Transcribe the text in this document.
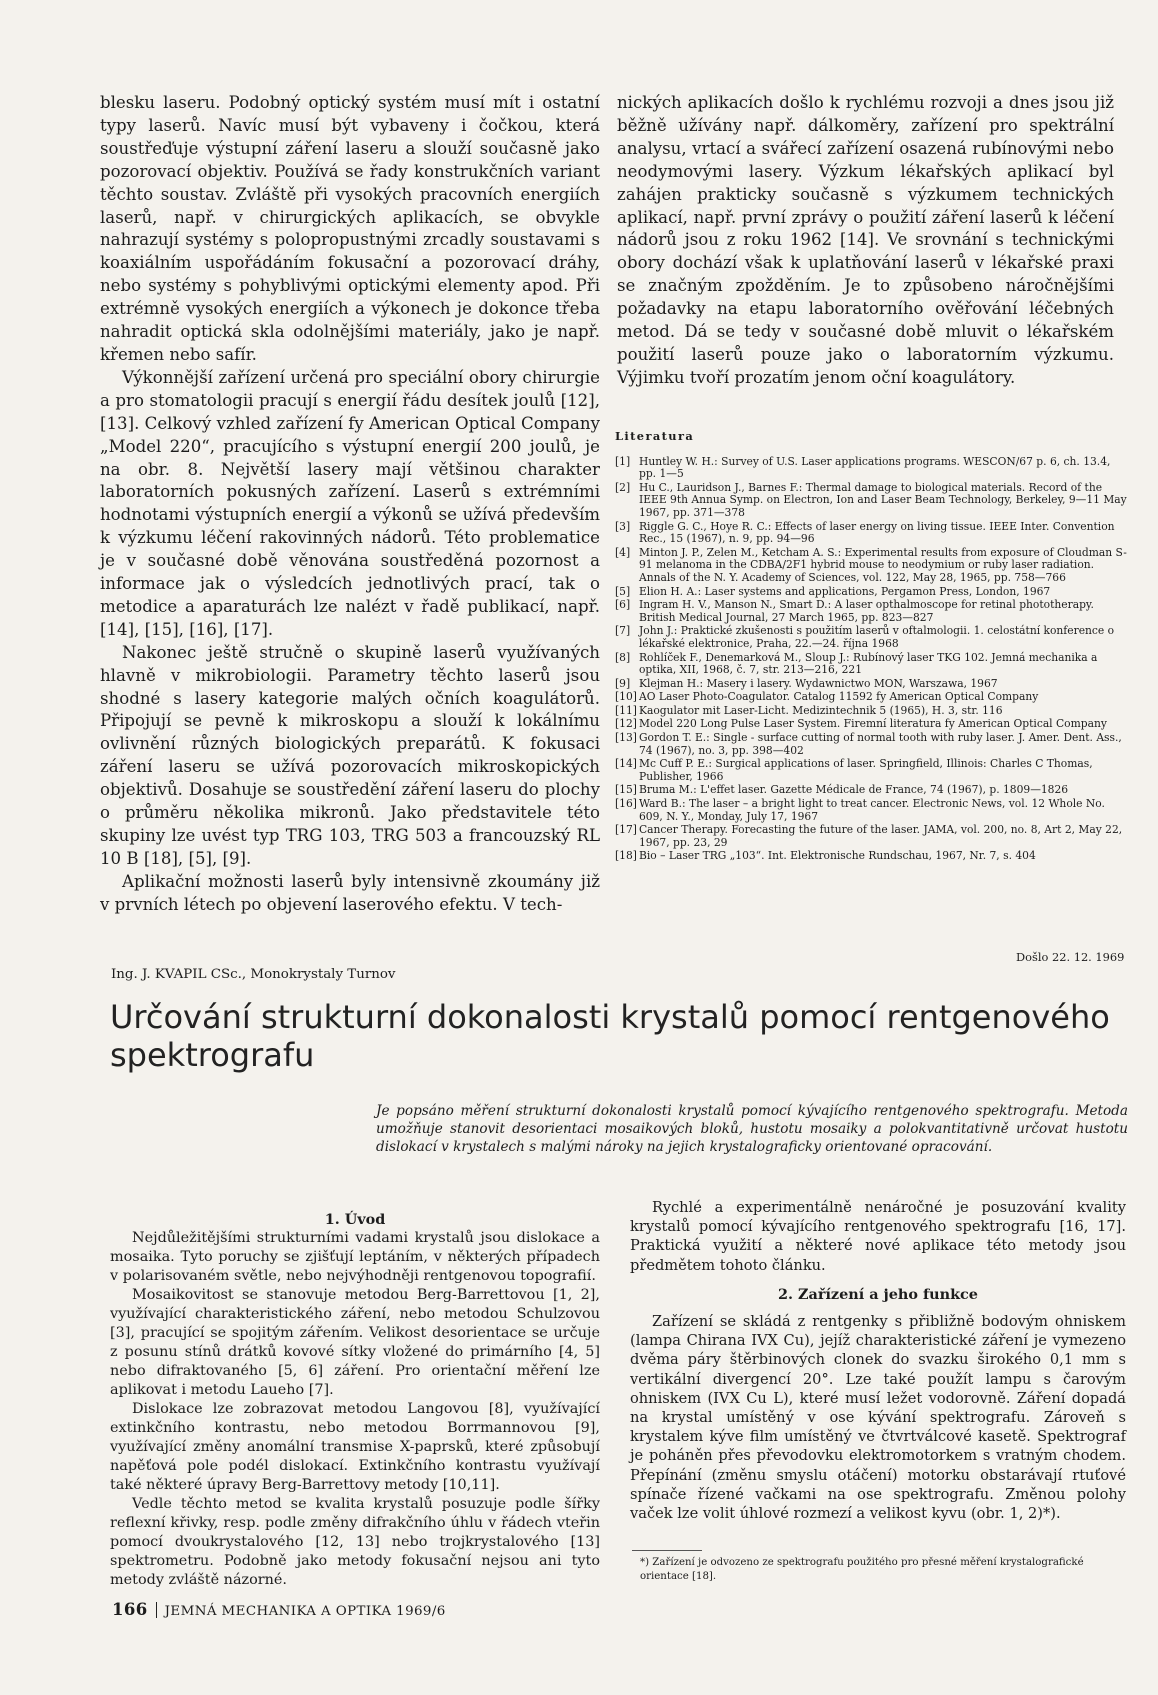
blesku laseru. Podobný optický systém musí mít i ostatní typy laserů. Navíc musí být vybaveny i čočkou, která soustřeďuje výstupní záření laseru a slouží současně jako pozorovací objektiv. Používá se řady konstrukčních variant těchto soustav. Zvláště při vysokých pracovních energiích laserů, např. v chirurgických aplikacích, se obvykle nahrazují systémy s polopropustnými zrcadly soustavami s koaxiálním uspořádáním fokusační a pozorovací dráhy, nebo systémy s pohyblivými optickými elementy apod. Při extrémně vysokých energiích a výkonech je dokonce třeba nahradit optická skla odolnějšími materiály, jako je např. křemen nebo safír.

Výkonnější zařízení určená pro speciální obory chirurgie a pro stomatologii pracují s energií řádu desítek joulů [12], [13]. Celkový vzhled zařízení fy American Optical Company „Model 220“, pracujícího s výstupní energií 200 joulů, je na obr. 8. Největší lasery mají většinou charakter laboratorních pokusných zařízení. Laserů s extrémními hodnotami výstupních energií a výkonů se užívá především k výzkumu léčení rakovinných nádorů. Této problematice je v současné době věnována soustředěná pozornost a informace jak o výsledcích jednotlivých prací, tak o metodice a aparaturách lze nalézt v řadě publikací, např. [14], [15], [16], [17].

Nakonec ještě stručně o skupině laserů využívaných hlavně v mikrobiologii. Parametry těchto laserů jsou shodné s lasery kategorie malých očních koagulátorů. Připojují se pevně k mikroskopu a slouží k lokálnímu ovlivnění různých biologických preparátů. K fokusaci záření laseru se užívá pozorovacích mikroskopických objektivů. Dosahuje se soustředění záření laseru do plochy o průměru několika mikronů. Jako představitele této skupiny lze uvést typ TRG 103, TRG 503 a francouzský RL 10 B [18], [5], [9].

Aplikační možnosti laserů byly intensivně zkoumány již v prvních létech po objevení laserového efektu. V tech-

nických aplikacích došlo k rychlému rozvoji a dnes jsou již běžně užívány např. dálkoměry, zařízení pro spektrální analysu, vrtací a svářecí zařízení osazená rubínovými nebo neodymovými lasery. Výzkum lékařských aplikací byl zahájen prakticky současně s výzkumem technických aplikací, např. první zprávy o použití záření laserů k léčení nádorů jsou z roku 1962 [14]. Ve srovnání s technickými obory dochází však k uplatňování laserů v lékařské praxi se značným zpožděním. Je to způsobeno náročnějšími požadavky na etapu laboratorního ověřování léčebných metod. Dá se tedy v současné době mluvit o lékařském použití laserů pouze jako o laboratorním výzkumu. Výjimku tvoří prozatím jenom oční koagulátory.

Literatura
[1] Huntley W. H.: Survey of U.S. Laser applications programs. WESCON/67 p. 6, ch. 13.4, pp. 1—5
[2] Hu C., Lauridson J., Barnes F.: Thermal damage to biological materials. Record of the IEEE 9th Annua Symp. on Electron, Ion and Laser Beam Technology, Berkeley, 9—11 May 1967, pp. 371—378
[3] Riggle G. C., Hoye R. C.: Effects of laser energy on living tissue. IEEE Inter. Convention Rec., 15 (1967), n. 9, pp. 94—96
[4] Minton J. P., Zelen M., Ketcham A. S.: Experimental results from exposure of Cloudman S-91 melanoma in the CDBA/2F1 hybrid mouse to neodymium or ruby laser radiation. Annals of the N. Y. Academy of Sciences, vol. 122, May 28, 1965, pp. 758—766
[5] Elion H. A.: Laser systems and applications, Pergamon Press, London, 1967
[6] Ingram H. V., Manson N., Smart D.: A laser opthalmoscope for retinal phototherapy. British Medical Journal, 27 March 1965, pp. 823—827
[7] John J.: Praktické zkušenosti s použitím laserů v oftalmologii. 1. celostátní konference o lékařské elektronice, Praha, 22.—24. října 1968
[8] Rohlíček F., Denemarková M., Sloup J.: Rubínový laser TKG 102. Jemná mechanika a optika, XII, 1968, č. 7, str. 213—216, 221
[9] Klejman H.: Masery i lasery. Wydawnictwo MON, Warszawa, 1967
[10] AO Laser Photo-Coagulator. Catalog 11592 fy American Optical Company
[11] Kaogulator mit Laser-Licht. Medizintechnik 5 (1965), H. 3, str. 116
[12] Model 220 Long Pulse Laser System. Firemní literatura fy American Optical Company
[13] Gordon T. E.: Single - surface cutting of normal tooth with ruby laser. J. Amer. Dent. Ass., 74 (1967), no. 3, pp. 398—402
[14] Mc Cuff P. E.: Surgical applications of laser. Springfield, Illinois: Charles C Thomas, Publisher, 1966
[15] Bruma M.: L'effet laser. Gazette Médicale de France, 74 (1967), p. 1809—1826
[16] Ward B.: The laser – a bright light to treat cancer. Electronic News, vol. 12 Whole No. 609, N. Y., Monday, July 17, 1967
[17] Cancer Therapy. Forecasting the future of the laser. JAMA, vol. 200, no. 8, Art 2, May 22, 1967, pp. 23, 29
[18] Bio – Laser TRG „103“. Int. Elektronische Rundschau, 1967, Nr. 7, s. 404
Ing. J. KVAPIL CSc., Monokrystaly Turnov
Došlo 22. 12. 1969
Určování strukturní dokonalosti krystalů pomocí rentgenového spektrografu

Je popsáno měření strukturní dokonalosti krystalů pomocí kývajícího rentgenového spektrografu. Metoda umožňuje stanovit desorientaci mosaikových bloků, hustotu mosaiky a polokvantitativně určovat hustotu dislokací v krystalech s malými nároky na jejich krystalograficky orientované opracování.

1. Úvod

Nejdůležitějšími strukturními vadami krystalů jsou dislokace a mosaika. Tyto poruchy se zjišťují leptáním, v některých případech v polarisovaném světle, nebo nejvýhodněji rentgenovou topografií.

Mosaikovitost se stanovuje metodou Berg-Barrettovou [1, 2], využívající charakteristického záření, nebo metodou Schulzovou [3], pracující se spojitým zářením. Velikost desorientace se určuje z posunu stínů drátků kovové sítky vložené do primárního [4, 5] nebo difraktovaného [5, 6] záření. Pro orientační měření lze aplikovat i metodu Laueho [7].

Dislokace lze zobrazovat metodou Langovou [8], využívající extinkčního kontrastu, nebo metodou Borrmannovou [9], využívající změny anomální transmise X-paprsků, které způsobují napěťová pole podél dislokací. Extinkčního kontrastu využívají také některé úpravy Berg-Barrettovy metody [10,11].

Vedle těchto metod se kvalita krystalů posuzuje podle šířky reflexní křivky, resp. podle změny difrakčního úhlu v řádech vteřin pomocí dvoukrystalového [12, 13] nebo trojkrystalového [13] spektrometru. Podobně jako metody fokusační nejsou ani tyto metody zvláště názorné.

Rychlé a experimentálně nenáročné je posuzování kvality krystalů pomocí kývajícího rentgenového spektrografu [16, 17]. Praktická využití a některé nové aplikace této metody jsou předmětem tohoto článku.

2. Zařízení a jeho funkce

Zařízení se skládá z rentgenky s přibližně bodovým ohniskem (lampa Chirana IVX Cu), jejíž charakteristické záření je vymezeno dvěma páry štěrbinových clonek do svazku širokého 0,1 mm s vertikální divergencí 20°. Lze také použít lampu s čarovým ohniskem (IVX Cu L), které musí ležet vodorovně. Záření dopadá na krystal umístěný v ose kývání spektrografu. Zároveň s krystalem kýve film umístěný ve čtvrtválcové kasetě. Spektrograf je poháněn přes převodovku elektromotorkem s vratným chodem. Přepínání (změnu smyslu otáčení) motorku obstarávají rtuťové spínače řízené vačkami na ose spektrografu. Změnou polohy vaček lze volit úhlové rozmezí a velikost kyvu (obr. 1, 2)*).

*) Zařízení je odvozeno ze spektrografu použitého pro přesné měření krystalografické orientace [18].
166 JEMNÁ MECHANIKA A OPTIKA 1969/6
